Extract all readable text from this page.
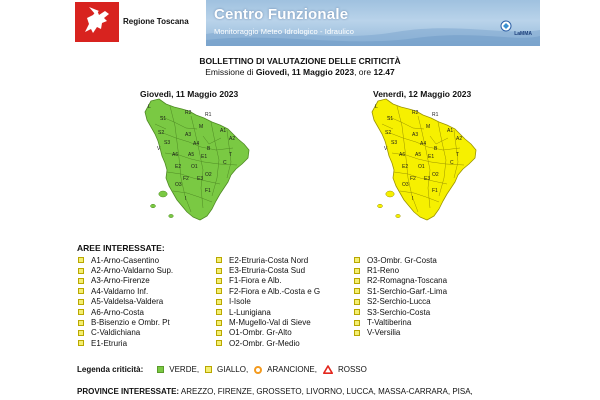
Regione Toscana Centro Funzionale
Monitoraggio Meteo Idrologico - Idraulico	LaMMA
BOLLETTINO DI VALUTAZIONE DELLE CRITICITÀ
Emissione di Giovedì, 11 Maggio 2023, ore 12.47
Giovedì, 11 Maggio 2023	Venerdì, 12 Maggio 2023
L
R2
S1
R1
S2
M
A1
S3
A2
A3
A4
B
A6 A5 E1
E2
C
T
O1
F2 E3
O3
O2
F1
V
I
L
R2
S1
R1
S2
M
A1
S3
A2
A3
A4
B
A6 A5 E1
E2
C
T
O1
F2 E3
O3
O2
F1
V
I
AREE INTERESSATE:
A1-Arno-Casentino
A2-Arno-Valdarno Sup.
A3-Arno-Firenze
A4-Valdarno Inf.
A5-Valdelsa-Valdera
A6-Arno-Costa
B-Bisenzio e Ombr. Pt
C-Valdichiana
E1-Etruria
E2-Etruria-Costa Nord
E3-Etruria-Costa Sud
F1-Fiora e Alb.
F2-Fiora e Alb.-Costa e G
I-Isole
L-Lunigiana
M-Mugello-Val di Sieve
O1-Ombr. Gr-Alto
O2-Ombr. Gr-Medio
O3-Ombr. Gr-Costa
R1-Reno
R2-Romagna-Toscana
S1-Serchio-Garf.-Lima
S2-Serchio-Lucca
S3-Serchio-Costa
T-Valtiberina
V-Versilia
Legenda criticità:	VERDE, GIALLO, ARANCIONE,	ROSSO
PROVINCE INTERESSATE: AREZZO, FIRENZE, GROSSETO, LIVORNO, LUCCA, MASSA-CARRARA, PISA,
